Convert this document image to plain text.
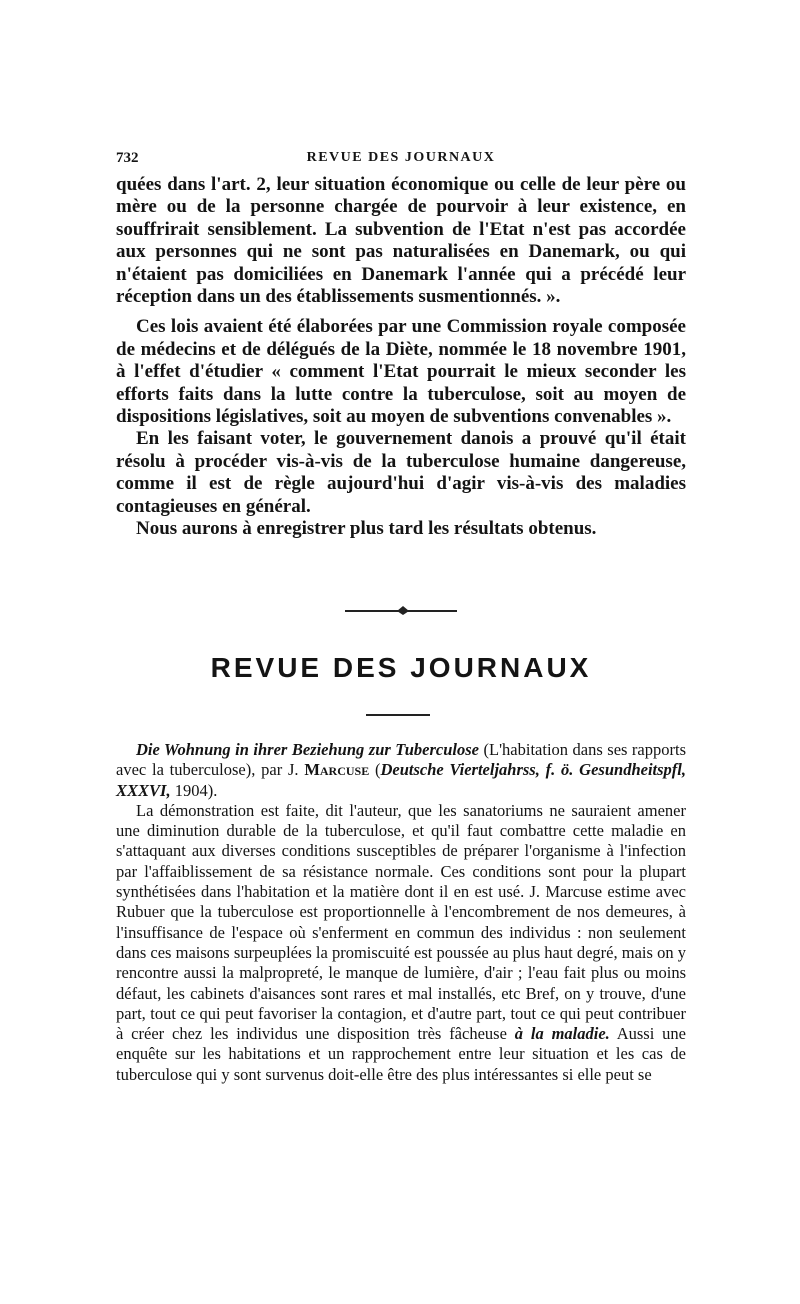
732	REVUE DES JOURNAUX

quées dans l'art. 2, leur situation économique ou celle de leur père ou mère ou de la personne chargée de pourvoir à leur existence, en souffrirait sensiblement. La subvention de l'Etat n'est pas accordée aux personnes qui ne sont pas naturalisées en Danemark, ou qui n'étaient pas domiciliées en Danemark l'année qui a précédé leur réception dans un des établissements susmentionnés. ».

Ces lois avaient été élaborées par une Commission royale composée de médecins et de délégués de la Diète, nommée le 18 novembre 1901, à l'effet d'étudier « comment l'Etat pourrait le mieux seconder les efforts faits dans la lutte contre la tuberculose, soit au moyen de dispositions législatives, soit au moyen de subventions convenables ».

En les faisant voter, le gouvernement danois a prouvé qu'il était résolu à procéder vis-à-vis de la tuberculose humaine dangereuse, comme il est de règle aujourd'hui d'agir vis-à-vis des maladies contagieuses en général.

Nous aurons à enregistrer plus tard les résultats obtenus.

REVUE DES JOURNAUX

Die Wohnung in ihrer Beziehung zur Tuberculose (L'habitation dans ses rapports avec la tuberculose), par J. Marcuse (Deutsche Vierteljahrss, f. ö. Gesundheitspfl, XXXVI, 1904).

La démonstration est faite, dit l'auteur, que les sanatoriums ne sauraient amener une diminution durable de la tuberculose, et qu'il faut combattre cette maladie en s'attaquant aux diverses conditions susceptibles de préparer l'organisme à l'infection par l'affaiblissement de sa résistance normale. Ces conditions sont pour la plupart synthétisées dans l'habitation et la matière dont il en est usé. J. Marcuse estime avec Rubuer que la tuberculose est proportionnelle à l'encombrement de nos demeures, à l'insuffisance de l'espace où s'enferment en commun des individus : non seulement dans ces maisons surpeuplées la promiscuité est poussée au plus haut degré, mais on y rencontre aussi la malpropreté, le manque de lumière, d'air ; l'eau fait plus ou moins défaut, les cabinets d'aisances sont rares et mal installés, etc Bref, on y trouve, d'une part, tout ce qui peut favoriser la contagion, et d'autre part, tout ce qui peut contribuer à créer chez les individus une disposition très fâcheuse à la maladie. Aussi une enquête sur les habitations et un rapprochement entre leur situation et les cas de tuberculose qui y sont survenus doit-elle être des plus intéressantes si elle peut se
